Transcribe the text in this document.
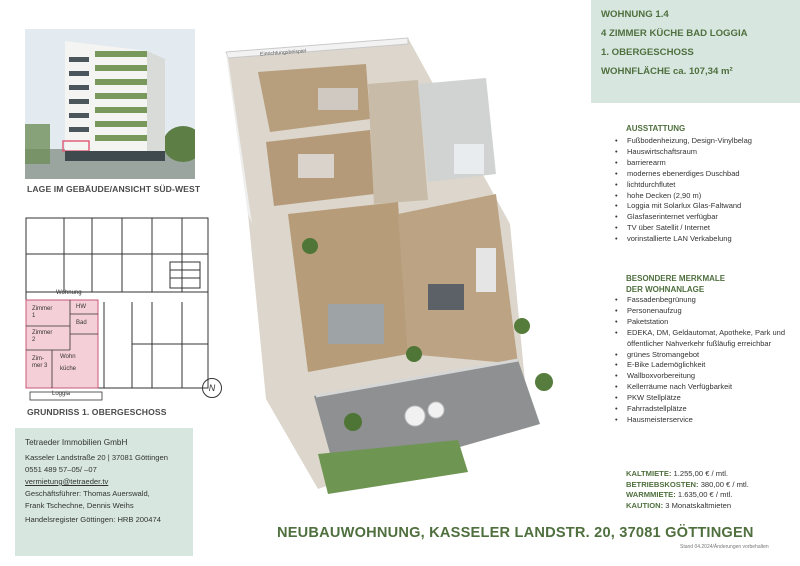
LAGE IM GEBÄUDE/ANSICHT SÜD-WEST
Wohnung
Zimmer 1
HW
Zimmer 2
Bad
Zim-mer 3
Wohn
küche
Loggia
N
GRUNDRISS 1. OBERGESCHOSS
Tetraeder Immobilien GmbH
Kasseler Landstraße 20 | 37081 Göttingen
0551 489 57–05/ –07
vermietung@tetraeder.tv
Geschäftsführer: Thomas Auerswald,
Frank Tschechne, Dennis Weihs
Handelsregister Göttingen: HRB 200474
Einrichtungsbeispiel
WOHNUNG 1.4
4 ZIMMER KÜCHE BAD LOGGIA
1. OBERGESCHOSS
WOHNFLÄCHE ca. 107,34 m²
AUSSTATTUNG
• Fußbodenheizung, Design-Vinylbelag
• Hauswirtschaftsraum
• barrierearm
• modernes ebenerdiges Duschbad
• lichtdurchflutet
• hohe Decken (2,90 m)
• Loggia mit Solarlux Glas-Faltwand
• Glasfaserinternet verfügbar
• TV über Satellit / Internet
• vorinstallierte LAN Verkabelung
BESONDERE MERKMALE
DER WOHNANLAGE
• Fassadenbegrünung
• Personenaufzug
• Paketstation
• EDEKA, DM, Geldautomat, Apotheke, Park und öffentlicher Nahverkehr fußläufig erreichbar
• grünes Stromangebot
• E-Bike Lademöglichkeit
• Wallboxvorbereitung
• Kellerräume nach Verfügbarkeit
• PKW Stellplätze
• Fahrradstellplätze
• Hausmeisterservice
KALTMIETE: 1.255,00 € / mtl.
BETRIEBSKOSTEN: 380,00 € / mtl.
WARMMIETE: 1.635,00 € / mtl.
KAUTION: 3 Monatskaltmieten
NEUBAUWOHNUNG, KASSELER LANDSTR. 20, 37081 GÖTTINGEN
Stand 04.2024/Änderungen vorbehalten
